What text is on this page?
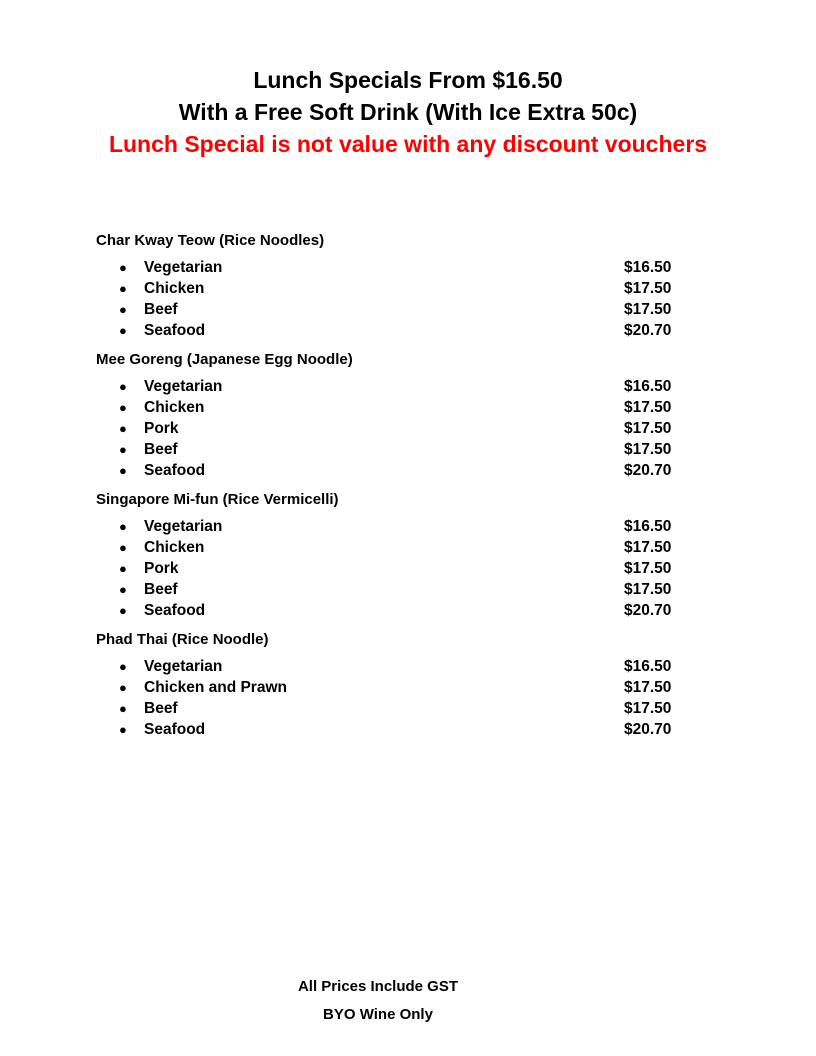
Lunch Specials From $16.50

With a Free Soft Drink (With Ice Extra 50c)

Lunch Special is not value with any discount vouchers

Char Kway Teow (Rice Noodles)

● Vegetarian	$16.50
● Chicken	$17.50
● Beef	$17.50
● Seafood	$20.70

Mee Goreng (Japanese Egg Noodle)

● Vegetarian	$16.50
● Chicken	$17.50
● Pork	$17.50
● Beef	$17.50
● Seafood	$20.70

Singapore Mi-fun (Rice Vermicelli)

● Vegetarian	$16.50
● Chicken	$17.50
● Pork	$17.50
● Beef	$17.50
● Seafood	$20.70

Phad Thai (Rice Noodle)

● Vegetarian	$16.50
● Chicken and Prawn	$17.50
● Beef	$17.50
● Seafood	$20.70
All Prices Include GST
BYO Wine Only
